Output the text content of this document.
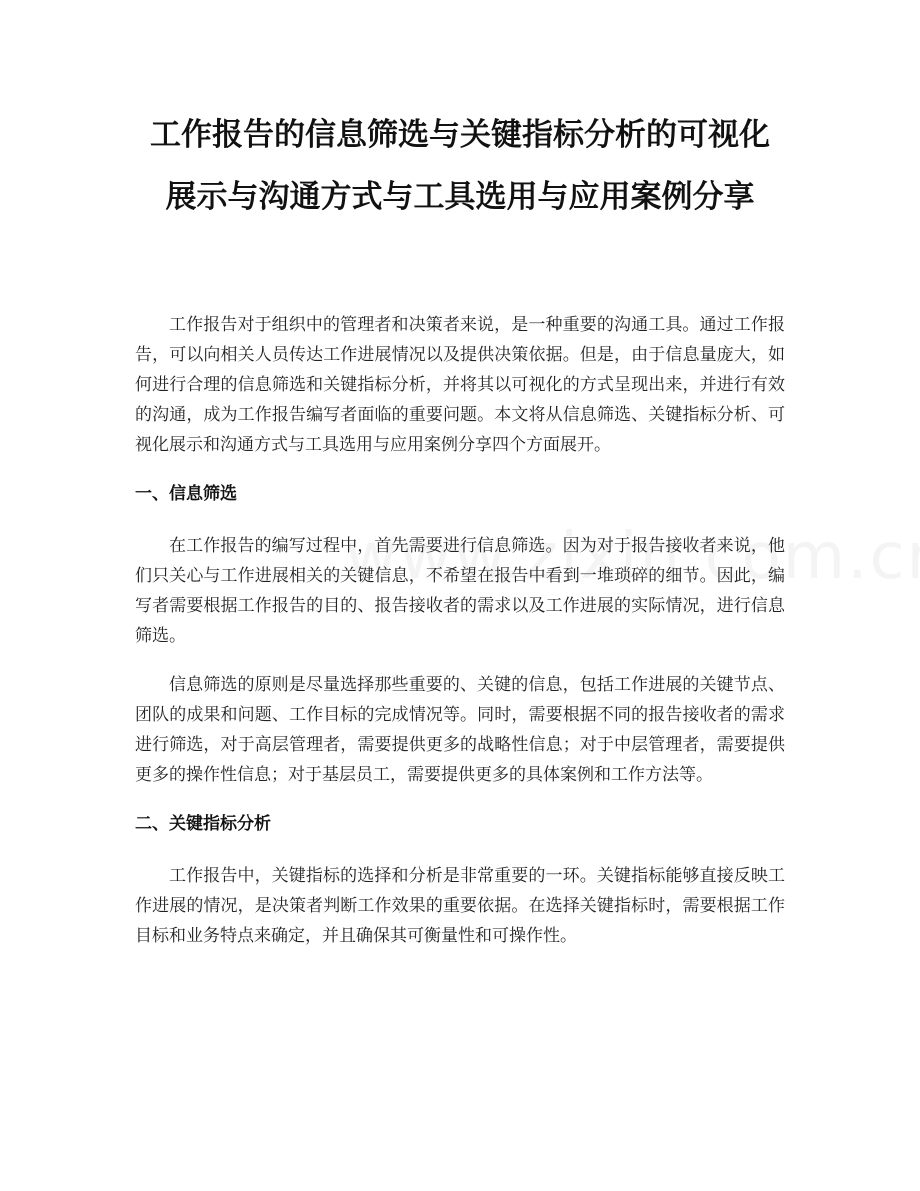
工作报告的信息筛选与关键指标分析的可视化展示与沟通方式与工具选用与应用案例分享

工作报告对于组织中的管理者和决策者来说，是一种重要的沟通工具。通过工作报告，可以向相关人员传达工作进展情况以及提供决策依据。但是，由于信息量庞大，如何进行合理的信息筛选和关键指标分析，并将其以可视化的方式呈现出来，并进行有效的沟通，成为工作报告编写者面临的重要问题。本文将从信息筛选、关键指标分析、可视化展示和沟通方式与工具选用与应用案例分享四个方面展开。

一、信息筛选

在工作报告的编写过程中，首先需要进行信息筛选。因为对于报告接收者来说，他们只关心与工作进展相关的关键信息，不希望在报告中看到一堆琐碎的细节。因此，编写者需要根据工作报告的目的、报告接收者的需求以及工作进展的实际情况，进行信息筛选。

信息筛选的原则是尽量选择那些重要的、关键的信息，包括工作进展的关键节点、团队的成果和问题、工作目标的完成情况等。同时，需要根据不同的报告接收者的需求进行筛选，对于高层管理者，需要提供更多的战略性信息；对于中层管理者，需要提供更多的操作性信息；对于基层员工，需要提供更多的具体案例和工作方法等。

二、关键指标分析

工作报告中，关键指标的选择和分析是非常重要的一环。关键指标能够直接反映工作进展的情况，是决策者判断工作效果的重要依据。在选择关键指标时，需要根据工作目标和业务特点来确定，并且确保其可衡量性和可操作性。
